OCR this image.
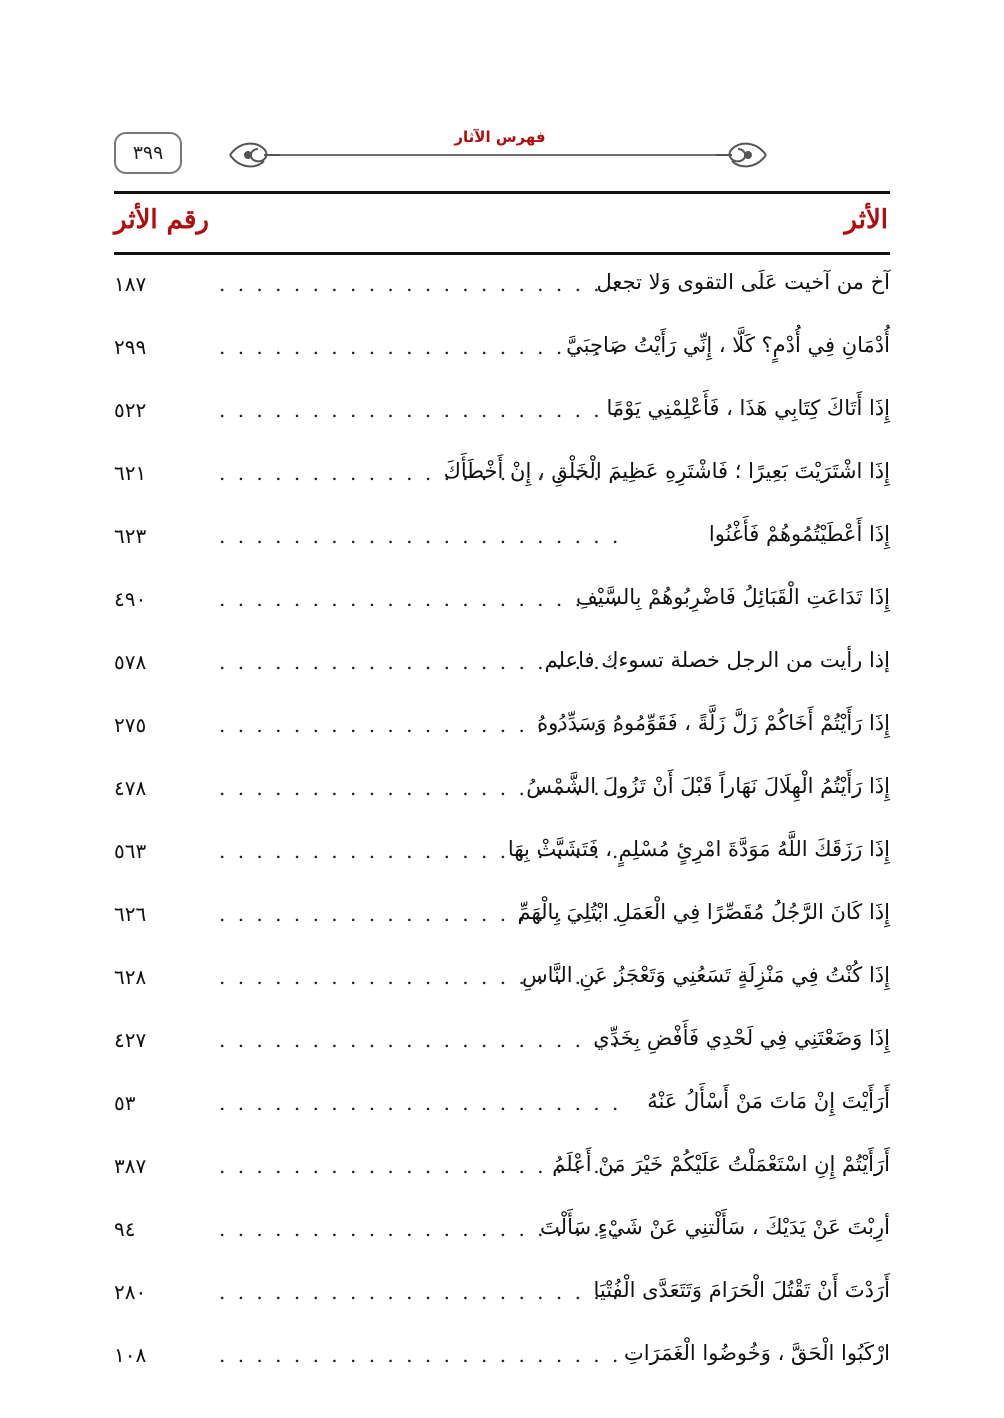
٣٩٩
فهرس الآثار
الأثر
رقم الأثر
. . .
آخ من آخيت عَلَى التقوى وَلا تجعل
١٨٧
. . .
أُدْمَانِ فِي أُدْمٍ؟ كَلَّا ، إِنِّي رَأَيْتُ صَاحِبَيَّ
٢٩٩
. . .
إِذَا أَتَاكَ كِتَابِي هَذَا ، فَأَعْلِمْنِي يَوْمًا
٥٢٢
. . .
إِذَا اشْتَرَيْتَ بَعِيرًا ؛ فَاشْتَرِهِ عَظِيمَ الْخَلْقِ ، إِنْ أَخْطَأَكَ
٦٢١
. . .
إِذَا أَعْطَيْتُمُوهُمْ فَأَغْنُوا
٦٢٣
. . .
إِذَا تَدَاعَتِ الْقَبَائِلُ فَاضْرِبُوهُمْ بِالسَّيْفِ
٤٩٠
. . .
إذا رأيت من الرجل خصلة تسوءك فاعلم
٥٧٨
. . .
إِذَا رَأَيْتُمْ أَخَاكُمْ زَلَّ زَلَّةً ، فَقَوِّمُوهُ وَسَدِّدُوهُ
٢٧٥
. . .
إِذَا رَأَيْتُمُ الْهِلَالَ نَهَاراً قَبْلَ أَنْ تَزُولَ الشَّمْسُ
٤٧٨
. . .
إِذَا رَزَقَكَ اللَّهُ مَوَدَّةَ امْرِئٍ مُسْلِمٍ ، فَتَشَبَّثْ بِهَا
٥٦٣
. . .
إِذَا كَانَ الرَّجُلُ مُقَصِّرًا فِي الْعَمَلِ ابْتُلِيَ بِالْهَمِّ
٦٢٦
. . .
إِذَا كُنْتُ فِي مَنْزِلَةٍ تَسَعُنِي وَتَعْجَزُ عَنِ النَّاسِ
٦٢٨
. . .
إِذَا وَضَعْتَنِي فِي لَحْدِي فَأَفْضِ بِخَدِّي
٤٢٧
. . .
أَرَأَيْتَ إِنْ مَاتَ مَنْ أَسْأَلُ عَنْهُ
٥٣
. . .
أَرَأَيْتُمْ إِنِ اسْتَعْمَلْتُ عَلَيْكُمْ خَيْرَ مَنْ أَعْلَمُ
٣٨٧
. . .
أرِبْتَ عَنْ يَدَيْكَ ، سَأَلْتنِي عَنْ شَيْءٍ سَأَلْتَ
٩٤
. . .
أَرَدْتَ أَنْ تَقْتُلَ الْحَرَامَ وَتَتَعَدَّى الْفُتْيَا
٢٨٠
. . .
ارْكَبُوا الْحَقَّ ، وَخُوضُوا الْغَمَرَاتِ
١٠٨
